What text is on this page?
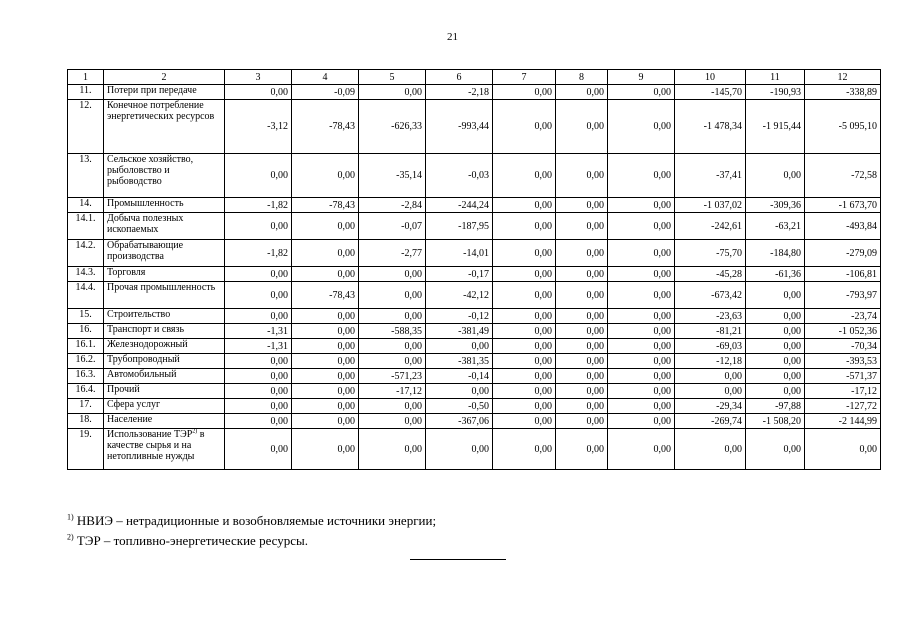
21
1	2	3	4	5	6	7	8	9	10	11	12
11.	Потери при передаче	0,00	-0,09	0,00	-2,18	0,00	0,00	0,00	-145,70	-190,93	-338,89
12.	Конечное потребление энергетических ресурсов	-3,12	-78,43	-626,33	-993,44	0,00	0,00	0,00	-1 478,34	-1 915,44	-5 095,10
13.	Сельское хозяйство, рыболовство и рыбоводство	0,00	0,00	-35,14	-0,03	0,00	0,00	0,00	-37,41	0,00	-72,58
14.	Промышленность	-1,82	-78,43	-2,84	-244,24	0,00	0,00	0,00	-1 037,02	-309,36	-1 673,70
14.1.	Добыча полезных ископаемых	0,00	0,00	-0,07	-187,95	0,00	0,00	0,00	-242,61	-63,21	-493,84
14.2.	Обрабатывающие производства	-1,82	0,00	-2,77	-14,01	0,00	0,00	0,00	-75,70	-184,80	-279,09
14.3.	Торговля	0,00	0,00	0,00	-0,17	0,00	0,00	0,00	-45,28	-61,36	-106,81
14.4.	Прочая промышленность	0,00	-78,43	0,00	-42,12	0,00	0,00	0,00	-673,42	0,00	-793,97
15.	Строительство	0,00	0,00	0,00	-0,12	0,00	0,00	0,00	-23,63	0,00	-23,74
16.	Транспорт и связь	-1,31	0,00	-588,35	-381,49	0,00	0,00	0,00	-81,21	0,00	-1 052,36
16.1.	Железнодорожный	-1,31	0,00	0,00	0,00	0,00	0,00	0,00	-69,03	0,00	-70,34
16.2.	Трубопроводный	0,00	0,00	0,00	-381,35	0,00	0,00	0,00	-12,18	0,00	-393,53
16.3.	Автомобильный	0,00	0,00	-571,23	-0,14	0,00	0,00	0,00	0,00	0,00	-571,37
16.4.	Прочий	0,00	0,00	-17,12	0,00	0,00	0,00	0,00	0,00	0,00	-17,12
17.	Сфера услуг	0,00	0,00	0,00	-0,50	0,00	0,00	0,00	-29,34	-97,88	-127,72
18.	Население	0,00	0,00	0,00	-367,06	0,00	0,00	0,00	-269,74	-1 508,20	-2 144,99
19.	Использование ТЭР$^{2)}$ в качестве сырья и на нетопливные нужды	0,00	0,00	0,00	0,00	0,00	0,00	0,00	0,00	0,00	0,00
$^{1)}$ НВИЭ – нетрадиционные и возобновляемые источники энергии;
$^{2)}$ ТЭР – топливно-энергетические ресурсы.
